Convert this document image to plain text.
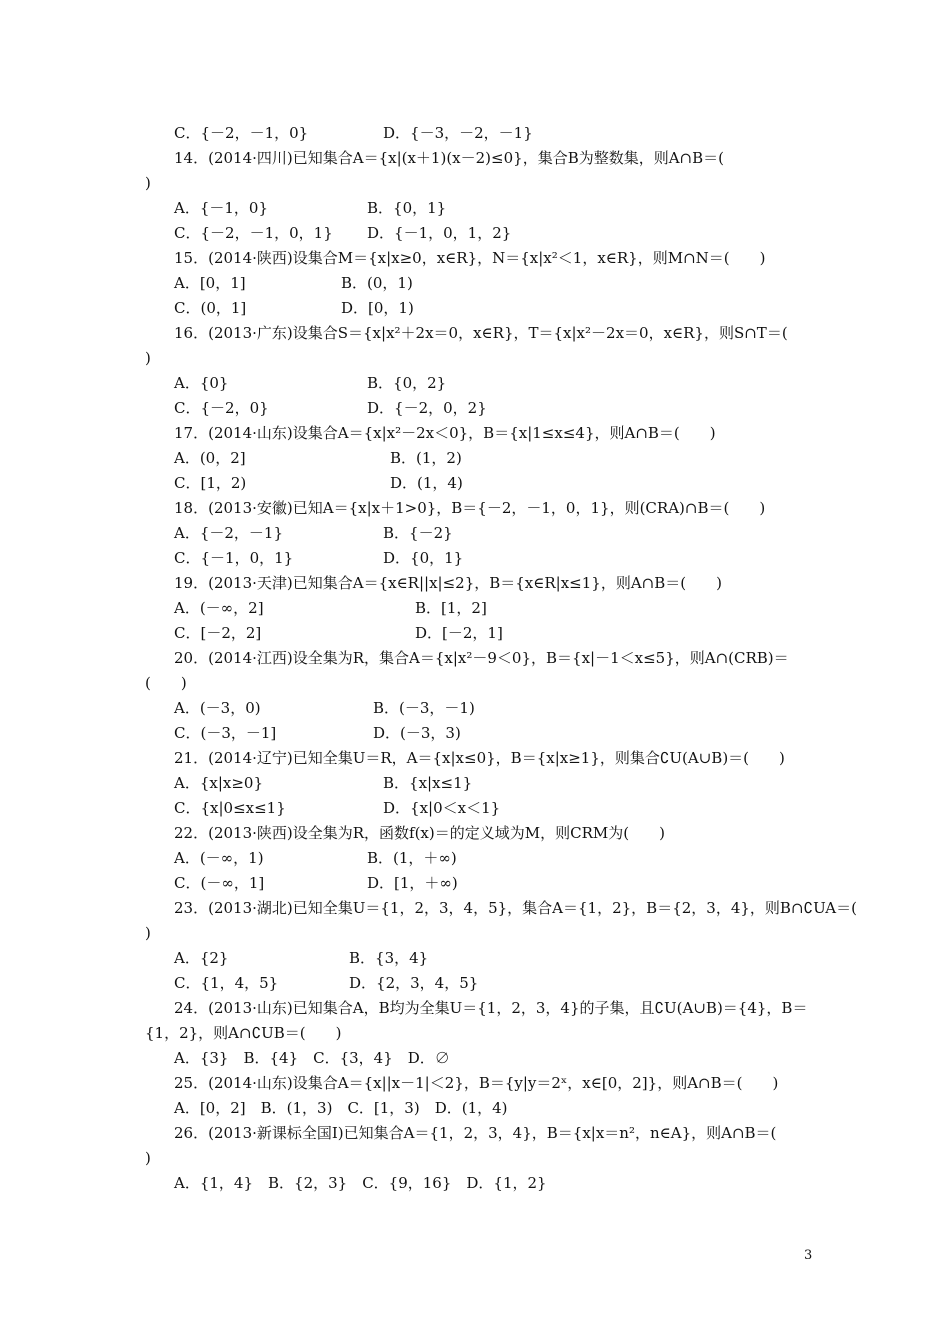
3
C．{－2，－1，0}	D．{－3，－2，－1}
14．(2014·四川)已知集合A＝{x|(x＋1)(x－2)≤0}，集合B为整数集，则A∩B＝(
)
A．{－1，0}	B．{0，1}
C．{－2，－1，0，1} D．{－1，0，1，2}
15．(2014·陕西)设集合M＝{x|x≥0，x∈R}，N＝{x|x²＜1，x∈R}，则M∩N＝(　　)
A．[0，1]	B．(0，1)
C．(0，1]	D．[0，1)
16．(2013·广东)设集合S＝{x|x²＋2x＝0，x∈R}，T＝{x|x²－2x＝0，x∈R}，则S∩T＝(
)
A．{0}	B．{0，2}
C．{－2，0}	D．{－2，0，2}
17．(2014·山东)设集合A＝{x|x²－2x＜0}，B＝{x|1≤x≤4}，则A∩B＝(　　)
A．(0，2]	B．(1，2)
C．[1，2)	D．(1，4)
18．(2013·安徽)已知A＝{x|x＋1>0}，B＝{－2，－1，0，1}，则(CRA)∩B＝(　　)
A．{－2，－1}	B．{－2}
C．{－1，0，1}	D．{0，1}
19．(2013·天津)已知集合A＝{x∈R||x|≤2}，B＝{x∈R|x≤1}，则A∩B＝(　　)
A．(－∞，2]	B．[1，2]
C．[－2，2]	D．[－2，1]
20．(2014·江西)设全集为R，集合A＝{x|x²－9＜0}，B＝{x|－1＜x≤5}，则A∩(CRB)＝
(　　)
A．(－3，0)	B．(－3，－1)
C．(－3，－1]	D．(－3，3)
21．(2014·辽宁)已知全集U＝R，A＝{x|x≤0}，B＝{x|x≥1}，则集合∁U(A∪B)＝(　　)
A．{x|x≥0}	B．{x|x≤1}
C．{x|0≤x≤1}	D．{x|0＜x＜1}
22．(2013·陕西)设全集为R，函数f(x)＝的定义域为M，则CRM为(　　)
A．(－∞，1)	B．(1，＋∞)
C．(－∞，1]	D．[1，＋∞)
23．(2013·湖北)已知全集U＝{1，2，3，4，5}，集合A＝{1，2}，B＝{2，3，4}，则B∩∁UA＝(
)
A．{2}	B．{3，4}
C．{1，4，5}	D．{2，3，4，5}
24．(2013·山东)已知集合A，B均为全集U＝{1，2，3，4}的子集，且∁U(A∪B)＝{4}，B＝
{1，2}，则A∩∁UB＝(　　)
A．{3}　B．{4}　C．{3，4}　D．∅
25．(2014·山东)设集合A＝{x||x－1|＜2}，B＝{y|y＝2ˣ，x∈[0，2]}，则A∩B＝(　　)
A．[0，2]　B．(1，3)　C．[1，3)　D．(1，4)
26．(2013·新课标全国Ⅰ)已知集合A＝{1，2，3，4}，B＝{x|x＝n²，n∈A}，则A∩B＝(
)
A．{1，4}　B．{2，3}　C．{9，16}　D．{1，2}
